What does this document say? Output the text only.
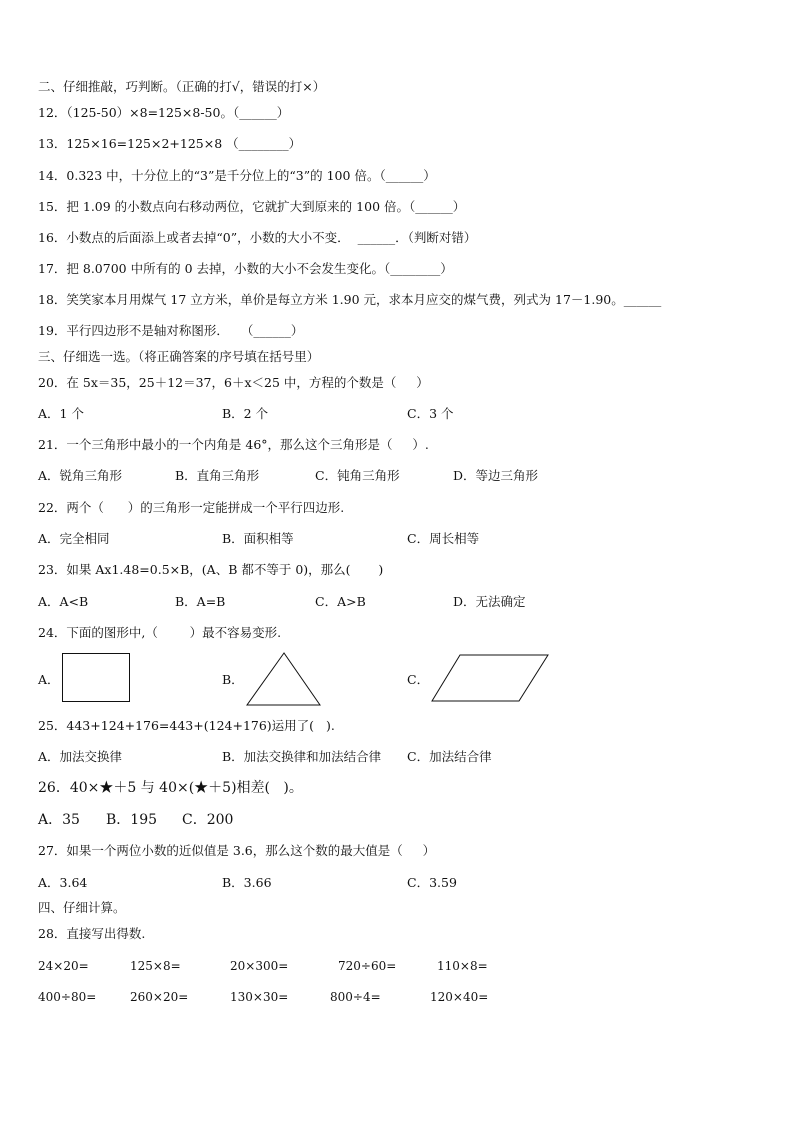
二、仔细推敲，巧判断。（正确的打√，错误的打×）
12．（125-50）×8=125×8-50。（______）
13．125×16=125×2+125×8 （________）
14．0.323 中，十分位上的“3”是千分位上的“3”的 100 倍。（______）
15．把 1.09 的小数点向右移动两位，它就扩大到原来的 100 倍。（______）
16．小数点的后面添上或者去掉“0”，小数的大小不变．  ______．（判断对错）
17．把 8.0700 中所有的 0 去掉，小数的大小不会发生变化。（________）
18．笑笑家本月用煤气 17 立方米，单价是每立方米 1.90 元，求本月应交的煤气费，列式为 17－1.90。______
19．平行四边形不是轴对称图形．   （______）
三、仔细选一选。（将正确答案的序号填在括号里）
20．在 5x＝35，25＋12＝37，6＋x＜25 中，方程的个数是（     ）
A．1 个	B．2 个	C．3 个
21．一个三角形中最小的一个内角是 46°，那么这个三角形是（     ）.
A．锐角三角形	B．直角三角形	C．钝角三角形	D．等边三角形
22．两个（      ）的三角形一定能拼成一个平行四边形.
A．完全相同	B．面积相等	C．周长相等
23．如果 Ax1.48=0.5×B，(A、B 都不等于 0)，那么(       )
A．A<B	B．A=B	C．A>B	D．无法确定
24．下面的图形中,（        ）最不容易变形.
A．	B．	C．
25．443+124+176=443+(124+176)运用了(   ).
A．加法交换律	B．加法交换律和加法结合律 C．加法结合律
26．40×★＋5 与 40×(★＋5)相差(   )。
A．35 B．195 C．200
27．如果一个两位小数的近似值是 3.6，那么这个数的最大值是（     ）
A．3.64	B．3.66	C．3.59
四、仔细计算。
28．直接写出得数.
24×20=	125×8=	20×300=	720÷60=	110×8=
400÷80=	260×20=	130×30=	800÷4=	120×40=
